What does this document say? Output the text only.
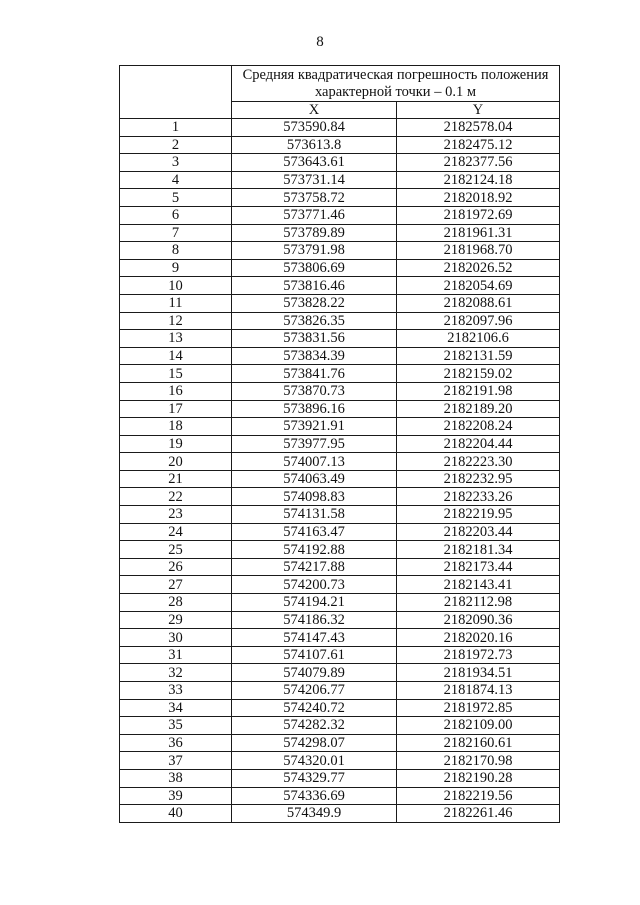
8
	Средняя квадратическая погрешность положения характерной точки – 0.1 м	
	X	Y
1	573590.84	2182578.04
2	573613.8	2182475.12
3	573643.61	2182377.56
4	573731.14	2182124.18
5	573758.72	2182018.92
6	573771.46	2181972.69
7	573789.89	2181961.31
8	573791.98	2181968.70
9	573806.69	2182026.52
10	573816.46	2182054.69
11	573828.22	2182088.61
12	573826.35	2182097.96
13	573831.56	2182106.6
14	573834.39	2182131.59
15	573841.76	2182159.02
16	573870.73	2182191.98
17	573896.16	2182189.20
18	573921.91	2182208.24
19	573977.95	2182204.44
20	574007.13	2182223.30
21	574063.49	2182232.95
22	574098.83	2182233.26
23	574131.58	2182219.95
24	574163.47	2182203.44
25	574192.88	2182181.34
26	574217.88	2182173.44
27	574200.73	2182143.41
28	574194.21	2182112.98
29	574186.32	2182090.36
30	574147.43	2182020.16
31	574107.61	2181972.73
32	574079.89	2181934.51
33	574206.77	2181874.13
34	574240.72	2181972.85
35	574282.32	2182109.00
36	574298.07	2182160.61
37	574320.01	2182170.98
38	574329.77	2182190.28
39	574336.69	2182219.56
40	574349.9	2182261.46
